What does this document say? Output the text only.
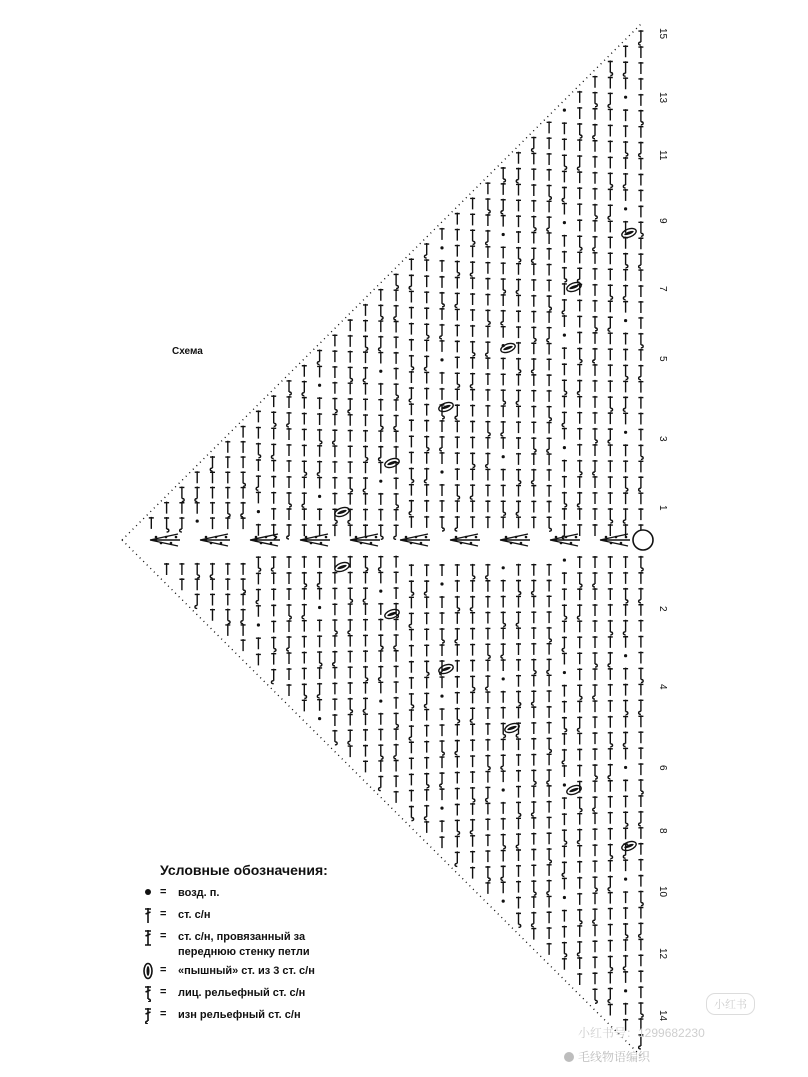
15
13
11
9
7
5
3
1
2
4
6
8
10
12
14
Схема
Условные обозначения:
= возд. п.
= ст. с/н
= ст. с/н, провязанный за переднюю стенку петли
= «пышный» ст. из 3 ст. с/н
= лиц. рельефный ст. с/н
= изн рельефный ст. с/н
小红书
小红书号：1299682230
毛线物语编织
